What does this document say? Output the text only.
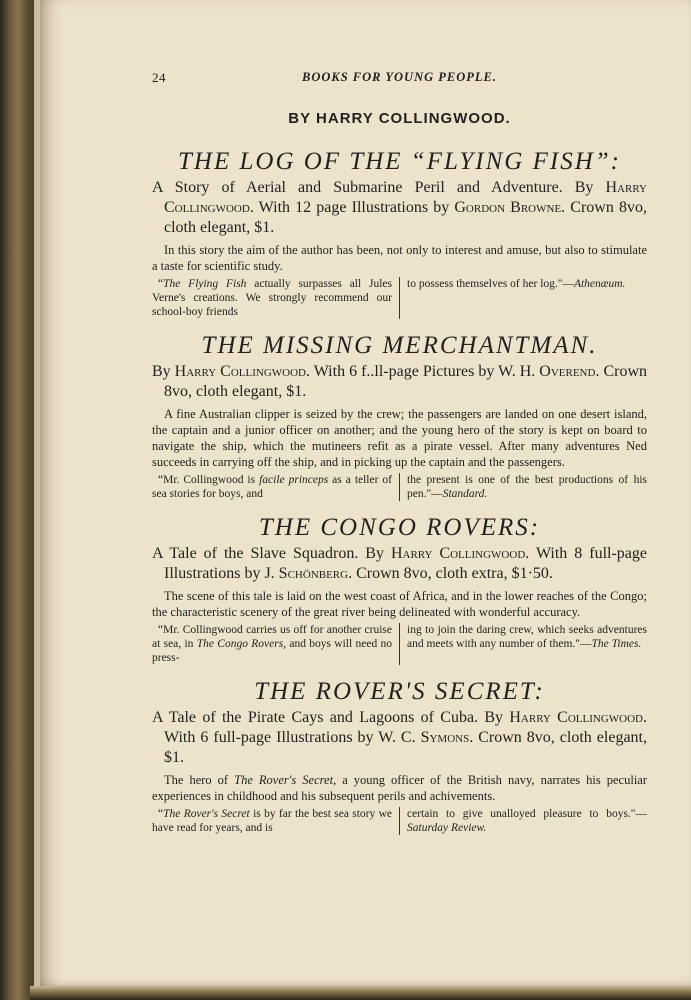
24	BOOKS FOR YOUNG PEOPLE.
BY HARRY COLLINGWOOD.
THE LOG OF THE “FLYING FISH”:
A Story of Aerial and Submarine Peril and Adventure. By Harry Collingwood. With 12 page Illustrations by Gordon Browne. Crown 8vo, cloth elegant, $1.
In this story the aim of the author has been, not only to interest and amuse, but also to stimulate a taste for scientific study.
“The Flying Fish actually surpasses all Jules Verne's creations. We strongly recommend our school-boy friends
to possess themselves of her log."—Athenæum.
THE MISSING MERCHANTMAN.
By Harry Collingwood. With 6 f..ll-page Pictures by W. H. Overend. Crown 8vo, cloth elegant, $1.
A fine Australian clipper is seized by the crew; the passengers are landed on one desert island, the captain and a junior officer on another; and the young hero of the story is kept on board to navigate the ship, which the mutineers refit as a pirate vessel. After many adventures Ned succeeds in carrying off the ship, and in picking up the captain and the passengers.
“Mr. Collingwood is facile princeps as a teller of sea stories for boys, and
the present is one of the best productions of his pen."—Standard.
THE CONGO ROVERS:
A Tale of the Slave Squadron. By Harry Collingwood. With 8 full-page Illustrations by J. Schönberg. Crown 8vo, cloth extra, $1·50.
The scene of this tale is laid on the west coast of Africa, and in the lower reaches of the Congo; the characteristic scenery of the great river being delineated with wonderful accuracy.
“Mr. Collingwood carries us off for another cruise at sea, in The Congo Rovers, and boys will need no press-
ing to join the daring crew, which seeks adventures and meets with any number of them."—The Times.
THE ROVER'S SECRET:
A Tale of the Pirate Cays and Lagoons of Cuba. By Harry Collingwood. With 6 full-page Illustrations by W. C. Symons. Crown 8vo, cloth elegant, $1.
The hero of The Rover's Secret, a young officer of the British navy, narrates his peculiar experiences in childhood and his subsequent perils and achivements.
“The Rover's Secret is by far the best sea story we have read for years, and is
certain to give unalloyed pleasure to boys."—Saturday Review.
